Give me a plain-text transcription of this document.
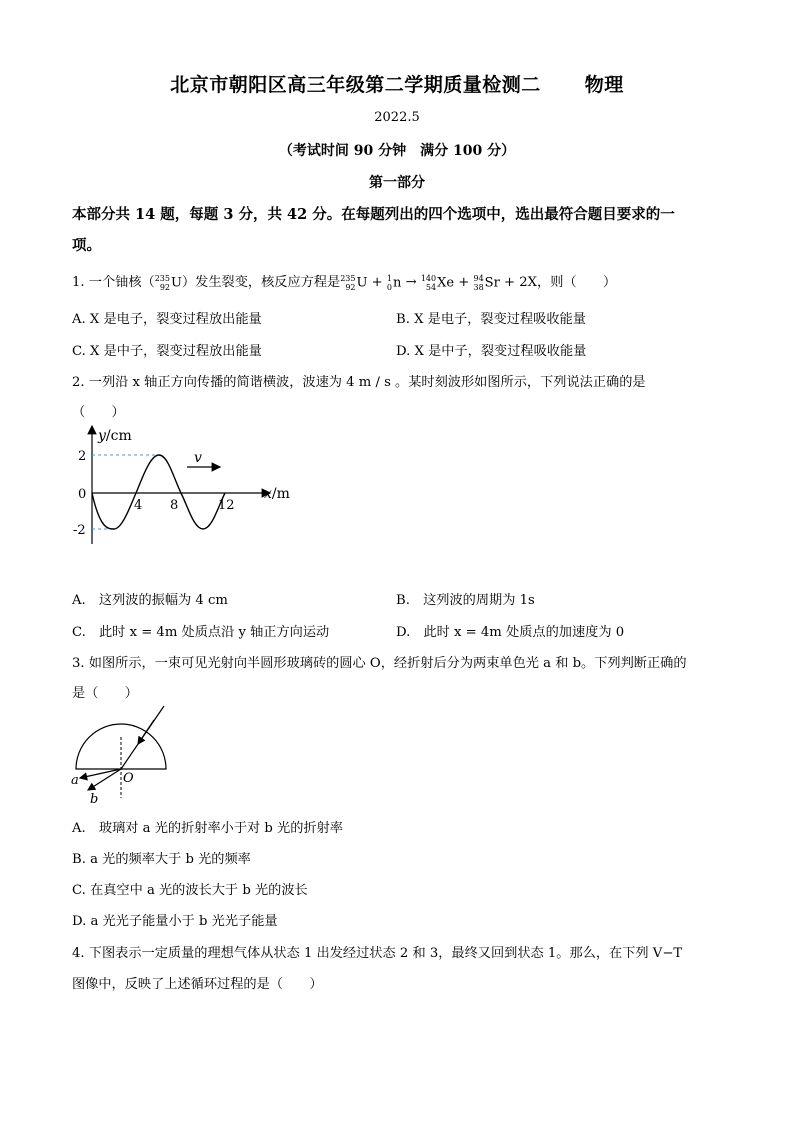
北京市朝阳区高三年级第二学期质量检测二 物理
2022.5
（考试时间 90 分钟　满分 100 分）
第一部分
本部分共 14 题，每题 3 分，共 42 分。在每题列出的四个选项中，选出最符合题目要求的一
项。
1. 一个铀核（ 235
92 U）发生裂变，核反应方程是 235
92 U + 1
0 n → 140
54 Xe + 94
38 Sr + 2X，则（　　）
A. X 是电子，裂变过程放出能量	B. X 是电子，裂变过程吸收能量
C. X 是中子，裂变过程放出能量	D. X 是中子，裂变过程吸收能量
2. 一列沿 x 轴正方向传播的简谐横波，波速为 4 m / s 。某时刻波形如图所示，下列说法正确的是
（　　）
v
y/cm
x/m
2
0
-2
4 8	12
A.　这列波的振幅为 4 cm	B.　这列波的周期为 1s
C.　此时 x = 4m 处质点沿 y 轴正方向运动	D.　此时 x = 4m 处质点的加速度为 0
3. 如图所示，一束可见光射向半圆形玻璃砖的圆心 O，经折射后分为两束单色光 a 和 b。下列判断正确的
是（　　）
a
b
O
A.　玻璃对 a 光的折射率小于对 b 光的折射率
B. a 光的频率大于 b 光的频率
C. 在真空中 a 光的波长大于 b 光的波长
D. a 光光子能量小于 b 光光子能量
4. 下图表示一定质量的理想气体从状态 1 出发经过状态 2 和 3，最终又回到状态 1。那么，在下列 V−T
图像中，反映了上述循环过程的是（　　）
